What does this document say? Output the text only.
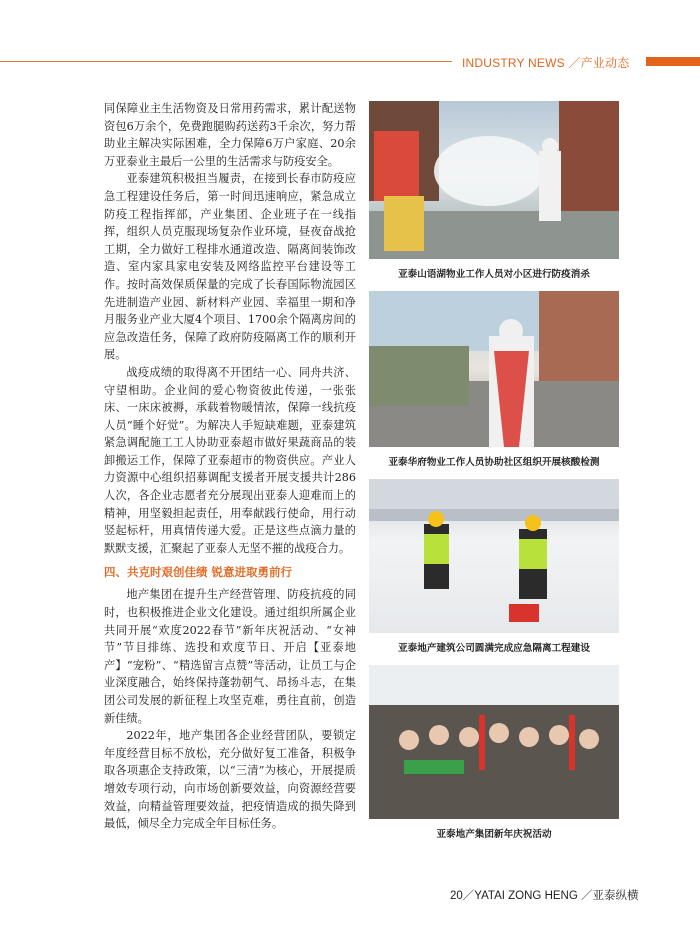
INDUSTRY NEWS ／产业动态

同保障业主生活物资及日常用药需求，累计配送物资包6万余个，免费跑腿购药送药3千余次，努力帮助业主解决实际困难，全力保障6万户家庭、20余万亚泰业主最后一公里的生活需求与防疫安全。

亚泰建筑积极担当履责，在接到长春市防疫应急工程建设任务后，第一时间迅速响应，紧急成立防疫工程指挥部，产业集团、企业班子在一线指挥，组织人员克服现场复杂作业环境，昼夜奋战抢工期，全力做好工程排水通道改造、隔离间装饰改造、室内家具家电安装及网络监控平台建设等工作。按时高效保质保量的完成了长春国际物流园区先进制造产业园、新材料产业园、幸福里一期和净月服务业产业大厦4个项目、1700余个隔离房间的应急改造任务，保障了政府防疫隔离工作的顺利开展。

战疫成绩的取得离不开团结一心、同舟共济、守望相助。企业间的爱心物资彼此传递，一张张床、一床床被褥，承载着物暖情浓，保障一线抗疫人员“睡个好觉”。为解决人手短缺难题，亚泰建筑紧急调配施工工人协助亚泰超市做好果蔬商品的装卸搬运工作，保障了亚泰超市的物资供应。产业人力资源中心组织招募调配支援者开展支援共计286人次，各企业志愿者充分展现出亚泰人迎难而上的精神，用坚毅担起责任，用奉献践行使命，用行动竖起标杆，用真情传递大爱。正是这些点滴力量的默默支援，汇聚起了亚泰人无坚不摧的战疫合力。

四、共克时艰创佳绩 锐意进取勇前行

地产集团在提升生产经营管理、防疫抗疫的同时，也积极推进企业文化建设。通过组织所属企业共同开展“欢度2022春节”新年庆祝活动、“女神节”节目排练、选投和欢度节日、开启【亚泰地产】“宠粉”、“精选留言点赞”等活动，让员工与企业深度融合，始终保持蓬勃朝气、昂扬斗志，在集团公司发展的新征程上攻坚克难，勇往直前，创造新佳绩。

2022年，地产集团各企业经营团队，要锁定年度经营目标不放松，充分做好复工准备，积极争取各项惠企支持政策，以“三清”为核心，开展提质增效专项行动，向市场创新要效益，向资源经营要效益，向精益管理要效益，把疫情造成的损失降到最低，倾尽全力完成全年目标任务。

亚泰山语湖物业工作人员对小区进行防疫消杀

亚泰华府物业工作人员协助社区组织开展核酸检测

亚泰地产建筑公司圆满完成应急隔离工程建设

亚泰地产集团新年庆祝活动

20／YATAI ZONG HENG ／亚泰纵横
